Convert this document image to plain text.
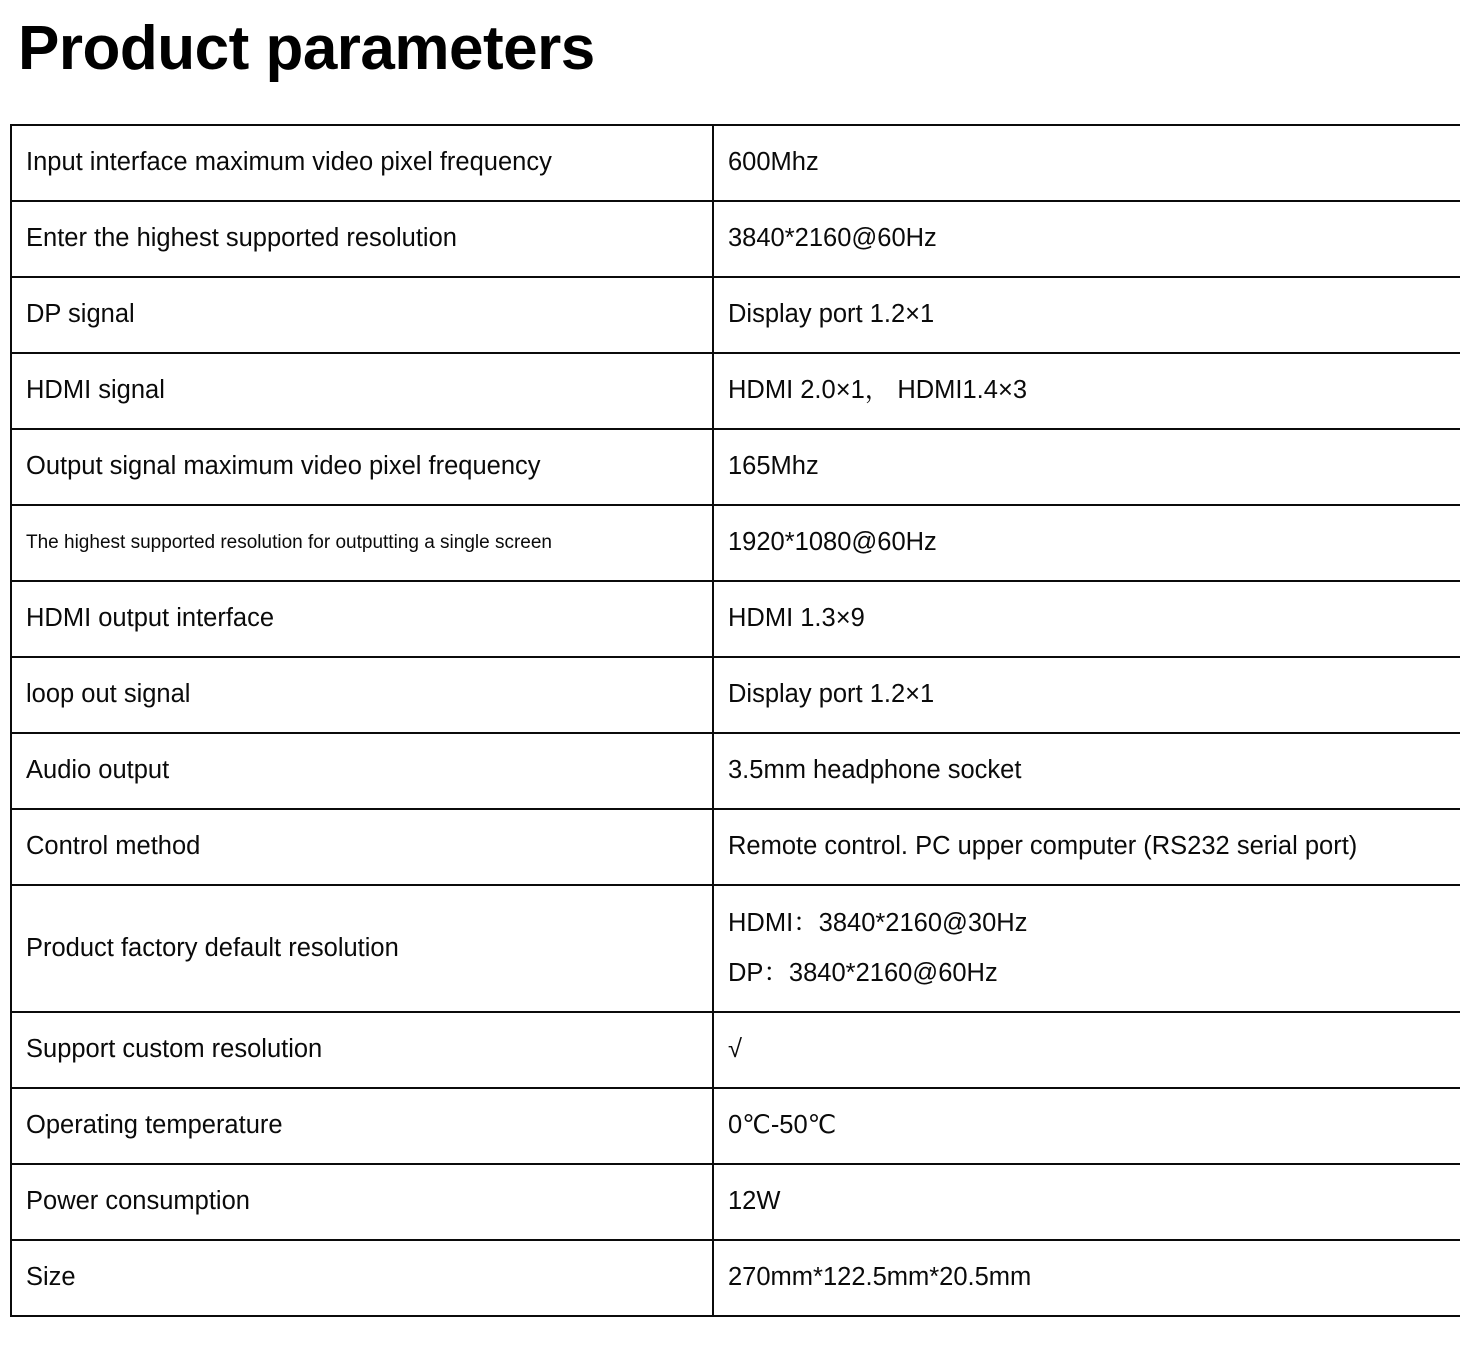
Product parameters
Input interface maximum video pixel frequency	600Mhz
Enter the highest supported resolution	3840*2160@60Hz
DP signal	Display port 1.2×1
HDMI signal	HDMI 2.0×1， HDMI1.4×3
Output signal maximum video pixel frequency	165Mhz
The highest supported resolution for outputting a single screen	1920*1080@60Hz
HDMI output interface	HDMI 1.3×9
loop out signal	Display port 1.2×1
Audio output	3.5mm headphone socket
Control method	Remote control. PC upper computer (RS232 serial port)
Product factory default resolution	HDMI：3840*2160@30Hz
DP：3840*2160@60Hz

Support custom resolution	√
Operating temperature	0℃-50℃
Power consumption	12W
Size	270mm*122.5mm*20.5mm
